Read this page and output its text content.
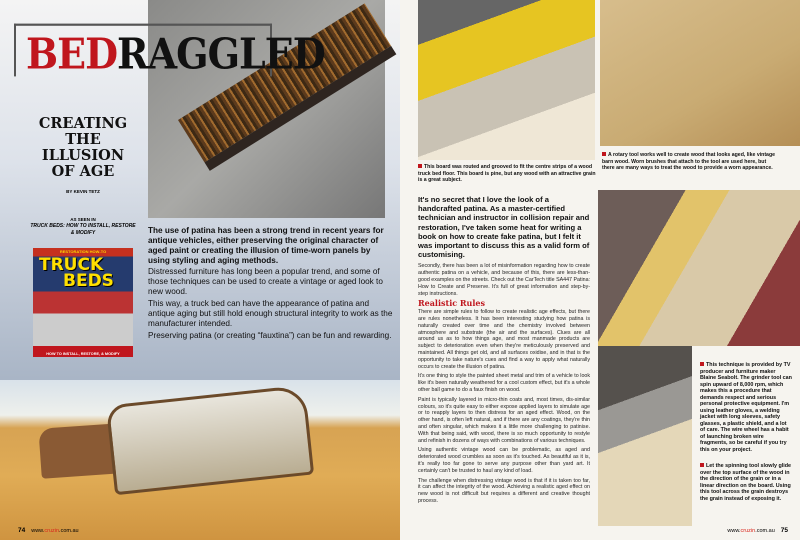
BEDRAGGLED
CREATING THE ILLUSION OF AGE
BY KEVIN TETZ
AS SEEN IN
TRUCK BEDS: HOW TO INSTALL, RESTORE & MODIFY
RESTORATION HOW-TO
TRUCK
BEDS
HOW TO INSTALL, RESTORE, & MODIFY
The use of patina has been a strong trend in recent years for antique vehicles, either preserving the original character of aged paint or creating the illusion of time-worn panels by using styling and aging methods.

Distressed furniture has long been a popular trend, and some of those techniques can be used to create a vintage or aged look to new wood.

This way, a truck bed can have the appearance of patina and antique aging but still hold enough structural integrity to work as the manufacturer intended.

Preserving patina (or creating “fauxtina”) can be fun and rewarding.

74 www.cruzin.com.au
This board was routed and grooved to fit the centre strips of a wood truck bed floor. This board is pine, but any wood with an attractive grain is a great subject.
A rotary tool works well to create wood that looks aged, like vintage barn wood. Worn brushes that attach to the tool are used here, but there are many ways to treat the wood to provide a worn appearance.
It's no secret that I love the look of a handcrafted patina. As a master-certified technician and instructor in collision repair and restoration, I've taken some heat for writing a book on how to create fake patina, but I felt it was important to discuss this as a valid form of customising.

Secondly, there has been a lot of misinformation regarding how to create authentic patina on a vehicle, and because of this, there are less-than-good examples on the streets. Check out the CarTech title SA447 Patina: How to Create and Preserve. It's full of great information and step-by-step instructions.

Realistic Rules

There are simple rules to follow to create realistic age effects, but there are rules nonetheless. It has been interesting studying how patina is naturally created over time and the chemistry involved between atmosphere and substrate (the air and the surfaces). Clues are all around us as to how things age, and most manmade products are subject to deterioration even when they're meticulously preserved and maintained. All things get old, and all surfaces oxidise, and in that is the opportunity to take nature's cues and find a way to apply what naturally occurs to create the illusion of patina.

It's one thing to style the painted sheet metal and trim of a vehicle to look like it's been naturally weathered for a cool custom effect, but it's a whole other ball game to do a faux finish on wood.

Paint is typically layered in micro-thin coats and, most times, dis-similar colours, so it's quite easy to either expose applied layers to simulate age or to reapply layers to then distress for an aged effect. Wood, on the other hand, is often left natural, and if there are any coatings, they're thin and often singular, which makes it a little more challenging to patinise. With that being said, with wood, there is so much opportunity to restyle and refinish in dozens of ways with combinations of various techniques.

Using authentic vintage wood can be problematic, as aged and deteriorated wood crumbles as soon as it's touched. As beautiful as it is, it's really too far gone to serve any purpose other than yard art. It certainly can't be trusted to haul any kind of load.

The challenge when distressing vintage wood is that if it is taken too far, it can affect the integrity of the wood. Achieving a realistic aged effect on new wood is not difficult but requires a different and creative thought process.

This technique is provided by TV producer and furniture maker Blaine Seabolt. The grinder tool can spin upward of 8,000 rpm, which makes this a procedure that demands respect and serious personal protective equipment. I'm using leather gloves, a welding jacket with long sleeves, safety glasses, a plastic shield, and a lot of care. The wire wheel has a habit of launching broken wire fragments, so be careful if you try this on your project.
Let the spinning tool slowly glide over the top surface of the wood in the direction of the grain or in a linear direction on the board. Using this tool across the grain destroys the grain instead of exposing it.
www.cruzin.com.au 75
